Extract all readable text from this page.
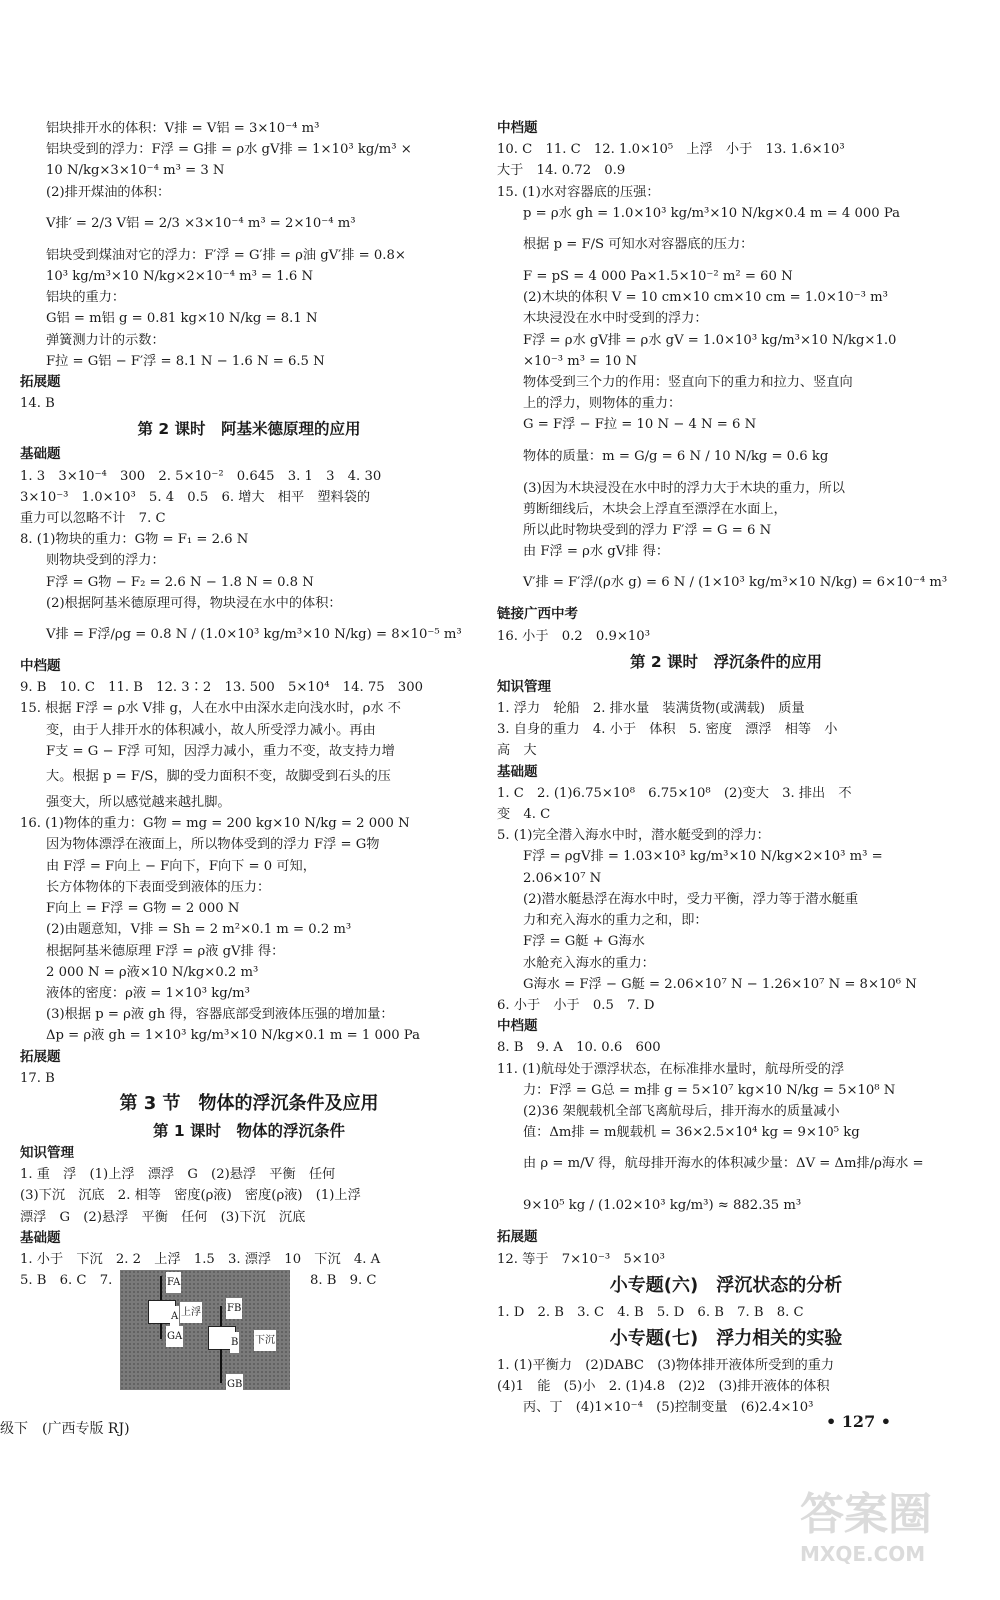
铝块排开水的体积：V排 = V铝 = 3×10⁻⁴ m³
铝块受到的浮力：F浮 = G排 = ρ水 gV排 = 1×10³ kg/m³ ×
10 N/kg×3×10⁻⁴ m³ = 3 N
(2)排开煤油的体积：
V排′ = 2/3 V铝 = 2/3 ×3×10⁻⁴ m³ = 2×10⁻⁴ m³
铝块受到煤油对它的浮力：F′浮 = G′排 = ρ油 gV′排 = 0.8×
10³ kg/m³×10 N/kg×2×10⁻⁴ m³ = 1.6 N
铝块的重力：
G铝 = m铝 g = 0.81 kg×10 N/kg = 8.1 N
弹簧测力计的示数：
F拉 = G铝 − F′浮 = 8.1 N − 1.6 N = 6.5 N
拓展题
14. B
第 2 课时　阿基米德原理的应用
基础题
1. 3　3×10⁻⁴　300　2. 5×10⁻²　0.645　3. 1　3　4. 30
3×10⁻³　1.0×10³　5. 4　0.5　6. 增大　相平　塑料袋的
重力可以忽略不计　7. C
8. (1)物块的重力：G物 = F₁ = 2.6 N
则物块受到的浮力：
F浮 = G物 − F₂ = 2.6 N − 1.8 N = 0.8 N
(2)根据阿基米德原理可得，物块浸在水中的体积：
V排 = F浮/ρg = 0.8 N / (1.0×10³ kg/m³×10 N/kg) = 8×10⁻⁵ m³
中档题
9. B　10. C　11. B　12. 3∶2　13. 500　5×10⁴　14. 75　300
15. 根据 F浮 = ρ水 V排 g，人在水中由深水走向浅水时，ρ水 不
变，由于人排开水的体积减小，故人所受浮力减小。再由
F支 = G − F浮 可知，因浮力减小，重力不变，故支持力增
大。根据 p = F/S，脚的受力面积不变，故脚受到石头的压
强变大，所以感觉越来越扎脚。
16. (1)物体的重力：G物 = mg = 200 kg×10 N/kg = 2 000 N
因为物体漂浮在液面上，所以物体受到的浮力 F浮 = G物
由 F浮 = F向上 − F向下，F向下 = 0 可知，
长方体物体的下表面受到液体的压力：
F向上 = F浮 = G物 = 2 000 N
(2)由题意知，V排 = Sh = 2 m²×0.1 m = 0.2 m³
根据阿基米德原理 F浮 = ρ液 gV排 得：
2 000 N = ρ液×10 N/kg×0.2 m³
液体的密度：ρ液 = 1×10³ kg/m³
(3)根据 p = ρ液 gh 得，容器底部受到液体压强的增加量：
Δp = ρ液 gh = 1×10³ kg/m³×10 N/kg×0.1 m = 1 000 Pa
拓展题
17. B
第 3 节　物体的浮沉条件及应用
第 1 课时　物体的浮沉条件
知识管理
1. 重　浮　(1)上浮　漂浮　G　(2)悬浮　平衡　任何
(3)下沉　沉底　2. 相等　密度(ρ液)　密度(ρ液)　(1)上浮
漂浮　G　(2)悬浮　平衡　任何　(3)下沉　沉底
基础题
1. 小于　下沉　2. 2　上浮　1.5　3. 漂浮　10　下沉　4. A
5. B　6. C　7.	FA
A 上浮
GA
FB
B 下沉
GB
8. B　9. C
中档题
10. C　11. C　12. 1.0×10⁵　上浮　小于　13. 1.6×10³
大于　14. 0.72　0.9
15. (1)水对容器底的压强：
p = ρ水 gh = 1.0×10³ kg/m³×10 N/kg×0.4 m = 4 000 Pa
根据 p = F/S 可知水对容器底的压力：
F = pS = 4 000 Pa×1.5×10⁻² m² = 60 N
(2)木块的体积 V = 10 cm×10 cm×10 cm = 1.0×10⁻³ m³
木块浸没在水中时受到的浮力：
F浮 = ρ水 gV排 = ρ水 gV = 1.0×10³ kg/m³×10 N/kg×1.0
×10⁻³ m³ = 10 N
物体受到三个力的作用：竖直向下的重力和拉力、竖直向
上的浮力，则物体的重力：
G = F浮 − F拉 = 10 N − 4 N = 6 N
物体的质量：m = G/g = 6 N / 10 N/kg = 0.6 kg
(3)因为木块浸没在水中时的浮力大于木块的重力，所以
剪断细线后，木块会上浮直至漂浮在水面上，
所以此时物块受到的浮力 F′浮 = G = 6 N
由 F浮 = ρ水 gV排 得：
V′排 = F′浮/(ρ水 g) = 6 N / (1×10³ kg/m³×10 N/kg) = 6×10⁻⁴ m³
链接广西中考
16. 小于　0.2　0.9×10³
第 2 课时　浮沉条件的应用
知识管理
1. 浮力　轮船　2. 排水量　装满货物(或满载)　质量
3. 自身的重力　4. 小于　体积　5. 密度　漂浮　相等　小
高　大
基础题
1. C　2. (1)6.75×10⁸　6.75×10⁸　(2)变大　3. 排出　不
变　4. C
5. (1)完全潜入海水中时，潜水艇受到的浮力：
F浮 = ρgV排 = 1.03×10³ kg/m³×10 N/kg×2×10³ m³ =
2.06×10⁷ N
(2)潜水艇悬浮在海水中时，受力平衡，浮力等于潜水艇重
力和充入海水的重力之和，即：
F浮 = G艇 + G海水
水舱充入海水的重力：
G海水 = F浮 − G艇 = 2.06×10⁷ N − 1.26×10⁷ N = 8×10⁶ N
6. 小于　小于　0.5　7. D
中档题
8. B　9. A　10. 0.6　600
11. (1)航母处于漂浮状态，在标准排水量时，航母所受的浮
力：F浮 = G总 = m排 g = 5×10⁷ kg×10 N/kg = 5×10⁸ N
(2)36 架舰载机全部飞离航母后，排开海水的质量减小
值：Δm排 = m舰载机 = 36×2.5×10⁴ kg = 9×10⁵ kg
由 ρ = m/V 得，航母排开海水的体积减少量：ΔV = Δm排/ρ海水 =
9×10⁵ kg / (1.02×10³ kg/m³) ≈ 882.35 m³
拓展题
12. 等于　7×10⁻³　5×10³
小专题(六)　浮沉状态的分析
1. D　2. B　3. C　4. B　5. D　6. B　7. B　8. C
小专题(七)　浮力相关的实验
1. (1)平衡力　(2)DABC　(3)物体排开液体所受到的重力
(4)1　能　(5)小　2. (1)4.8　(2)2　(3)排开液体的体积
丙、丁　(4)1×10⁻⁴　(5)控制变量　(6)2.4×10³
级下　(广西专版 RJ)	• 127 •
答案圈
MXQE.COM
